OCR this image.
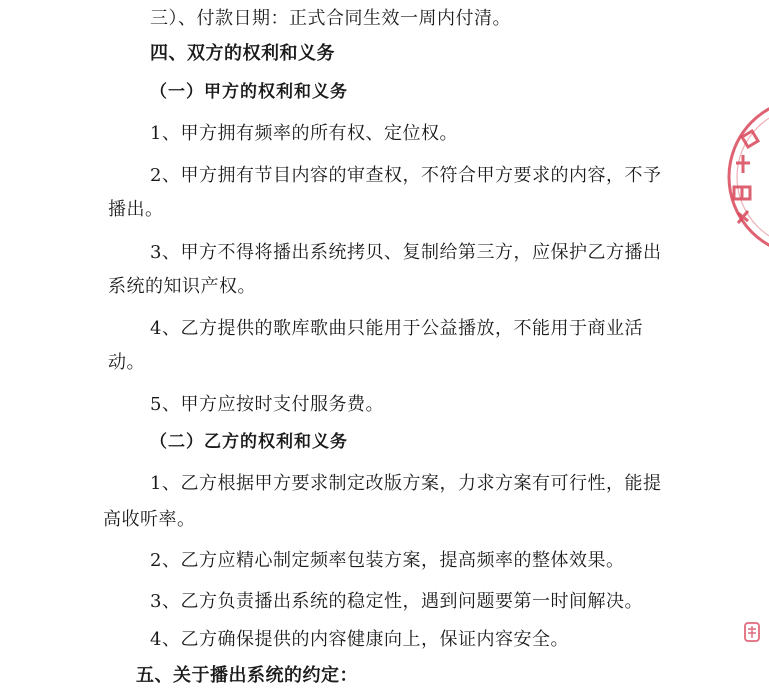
三）、付款日期：正式合同生效一周内付清。
四、双方的权利和义务
（一）甲方的权利和义务
1、甲方拥有频率的所有权、定位权。
2、甲方拥有节目内容的审查权，不符合甲方要求的内容，不予
播出。
3、甲方不得将播出系统拷贝、复制给第三方，应保护乙方播出
系统的知识产权。
4、乙方提供的歌库歌曲只能用于公益播放，不能用于商业活
动。
5、甲方应按时支付服务费。
（二）乙方的权利和义务
1、乙方根据甲方要求制定改版方案，力求方案有可行性，能提
高收听率。
2、乙方应精心制定频率包装方案，提高频率的整体效果。
3、乙方负责播出系统的稳定性，遇到问题要第一时间解决。
4、乙方确保提供的内容健康向上，保证内容安全。
五、关于播出系统的约定：
